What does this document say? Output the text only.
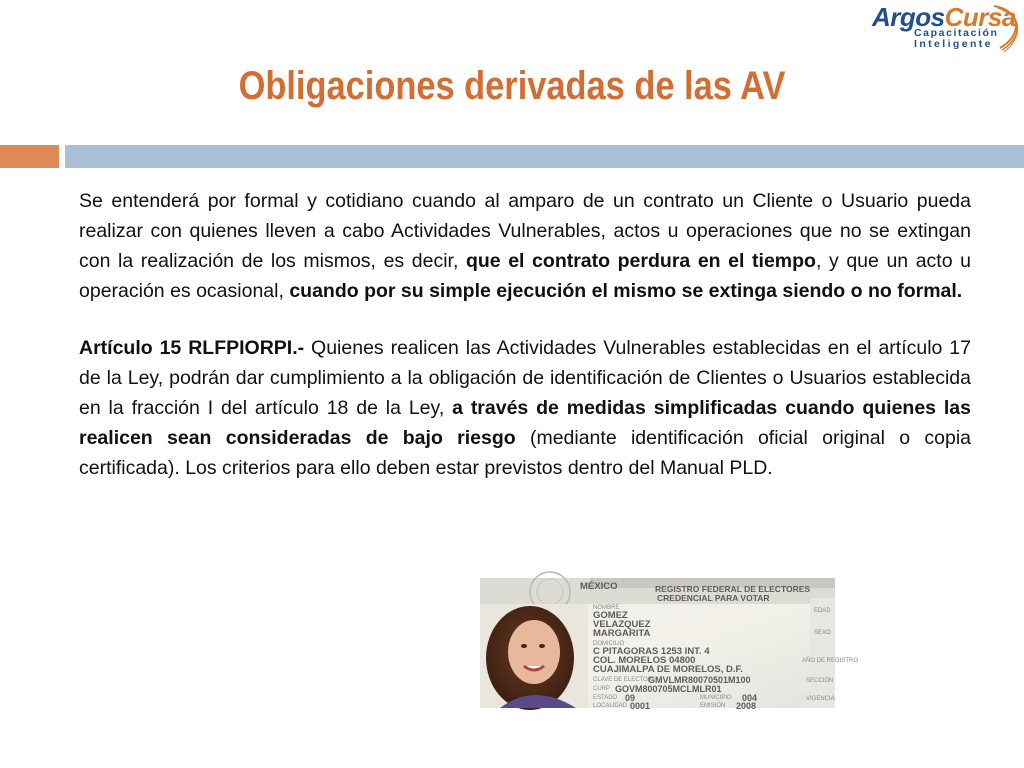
ArgosCursa
Capacitación
Inteligente
Obligaciones derivadas de las AV

Se entenderá por formal y cotidiano cuando al amparo de un contrato un Cliente o Usuario pueda realizar con quienes lleven a cabo Actividades Vulnerables, actos u operaciones que no se extingan con la realización de los mismos, es decir, que el contrato perdura en el tiempo, y que un acto u operación es ocasional, cuando por su simple ejecución el mismo se extinga siendo o no formal.

Artículo 15 RLFPIORPI.- Quienes realicen las Actividades Vulnerables establecidas en el artículo 17 de la Ley, podrán dar cumplimiento a la obligación de identificación de Clientes o Usuarios establecida en la fracción I del artículo 18 de la Ley, a través de medidas simplificadas cuando quienes las realicen sean consideradas de bajo riesgo (mediante identificación oficial original o copia certificada). Los criterios para ello deben estar previstos dentro del Manual PLD.

MÉXICO	REGISTRO FEDERAL DE ELECTORES
CREDENCIAL PARA VOTAR
NOMBRE
GOMEZ
VELAZQUEZ
MARGARITA
DOMICILIO
C PITAGORAS 1253 INT. 4
COL. MORELOS 04800
CUAJIMALPA DE MORELOS, D.F.
CLAVE DE ELECTOR
GMVLMR80070501M100
CURP GOVM800705MCLMLR01
ESTADO 09	MUNICIPIO 004
LOCALIDAD 0001	EMISIÓN 2008
EDAD
SEXO
AÑO DE REGISTRO
SECCIÓN
VIGENCIA
